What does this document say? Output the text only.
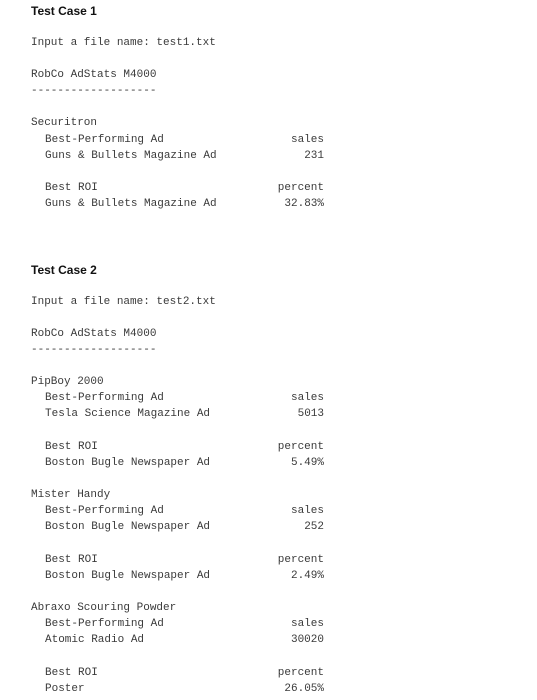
Test Case 1
Input a file name: test1.txt
RobCo AdStats M4000
-------------------
Securitron
Best-Performing Ad	sales
Guns & Bullets Magazine Ad	231
Best ROI	percent
Guns & Bullets Magazine Ad	32.83%
Test Case 2
Input a file name: test2.txt
RobCo AdStats M4000
-------------------
PipBoy 2000
Best-Performing Ad	sales
Tesla Science Magazine Ad	5013
Best ROI	percent
Boston Bugle Newspaper Ad	5.49%
Mister Handy
Best-Performing Ad	sales
Boston Bugle Newspaper Ad	252
Best ROI	percent
Boston Bugle Newspaper Ad	2.49%
Abraxo Scouring Powder
Best-Performing Ad	sales
Atomic Radio Ad	30020
Best ROI	percent
Poster	26.05%
